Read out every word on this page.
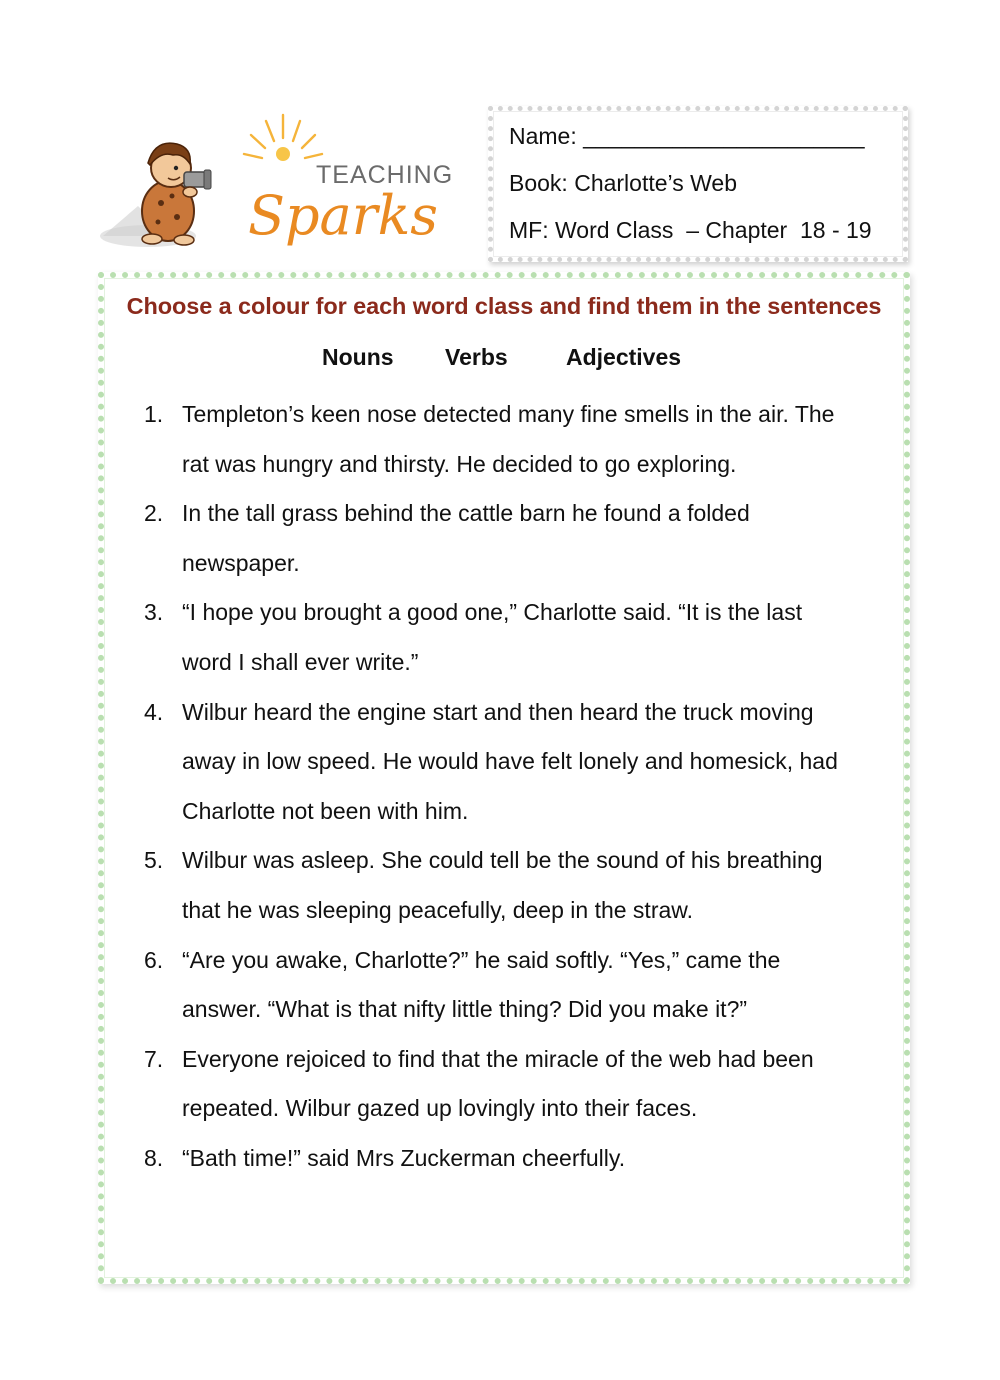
TEACHING
Sparks
Name: ______________________
Book: Charlotte’s Web
MF: Word Class  – Chapter  18 - 19
Choose a colour for each word class and find them in the sentences
Nouns Verbs	Adjectives
1. Templeton’s keen nose detected many fine smells in the air. The
rat was hungry and thirsty. He decided to go exploring.
2. In the tall grass behind the cattle barn he found a folded
newspaper.
3. “I hope you brought a good one,” Charlotte said. “It is the last
word I shall ever write.”
4. Wilbur heard the engine start and then heard the truck moving
away in low speed. He would have felt lonely and homesick, had
Charlotte not been with him.
5. Wilbur was asleep. She could tell be the sound of his breathing
that he was sleeping peacefully, deep in the straw.
6. “Are you awake, Charlotte?” he said softly. “Yes,” came the
answer. “What is that nifty little thing? Did you make it?”
7. Everyone rejoiced to find that the miracle of the web had been
repeated. Wilbur gazed up lovingly into their faces.
8. “Bath time!” said Mrs Zuckerman cheerfully.
